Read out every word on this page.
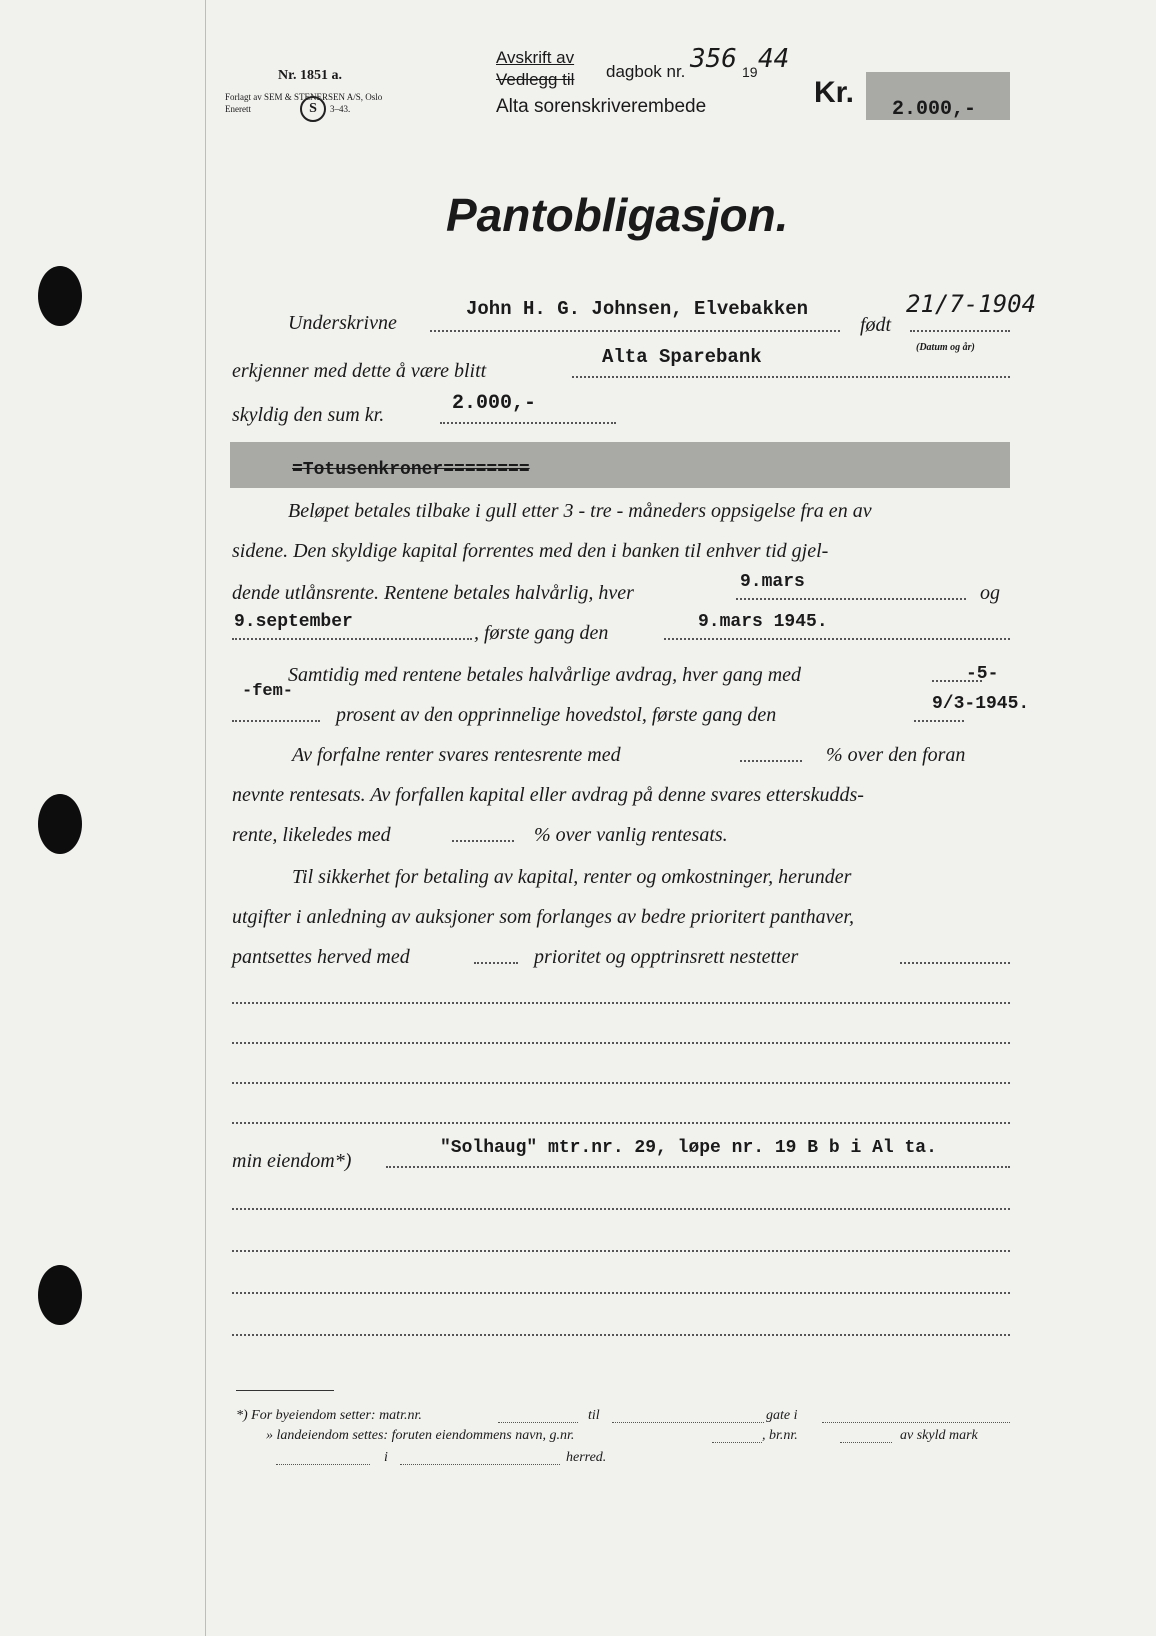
Nr. 1851 a.
Forlagt av SEM & STENERSEN A/S, Oslo
Enerett	S	3–43.
Avskrift av
Vedlegg til dagbok nr. 356 19 44
Alta sorenskriverembede	Kr.
2.000,-
Pantobligasjon.
Underskrivne
John H. G. Johnsen, Elvebakken
født
21/7-1904
(Datum og år)
erkjenner med dette å være blitt
Alta Sparebank
skyldig den sum kr.	2.000,-
=Totusenkroner========
Beløpet betales tilbake i gull etter 3 - tre - måneders oppsigelse fra en av
sidene. Den skyldige kapital forrentes med den i banken til enhver tid gjel-
dende utlånsrente. Rentene betales halvårlig, hver	9.mars	og
9.september	, første gang den	9.mars 1945.
Samtidig med rentene betales halvårlige avdrag, hver gang med	-5-
-fem-
prosent av den opprinnelige hovedstol, første gang den	9/3-1945.
Av forfalne renter svares rentesrente med	% over den foran
nevnte rentesats. Av forfallen kapital eller avdrag på denne svares etterskudds-
rente, likeledes med	% over vanlig rentesats.
Til sikkerhet for betaling av kapital, renter og omkostninger, herunder
utgifter i anledning av auksjoner som forlanges av bedre prioritert panthaver,
pantsettes herved med	prioritet og opptrinsrett nestetter
min eiendom*)
"Solhaug" mtr.nr. 29, løpe nr. 19 B b i Al ta.
*) For byeiendom setter: matr.nr.	til	gate i
» landeiendom settes: foruten eiendommens navn, g.nr.	, br.nr.	av skyld mark
i	herred.
